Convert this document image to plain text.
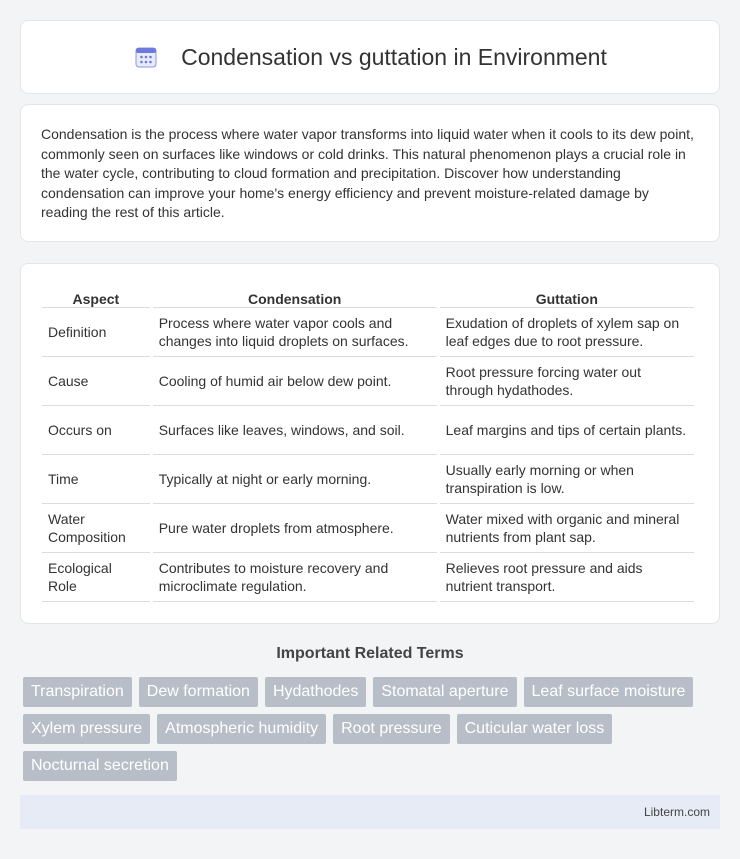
Condensation vs guttation in Environment

Condensation is the process where water vapor transforms into liquid water when it cools to its dew point, commonly seen on surfaces like windows or cold drinks. This natural phenomenon plays a crucial role in the water cycle, contributing to cloud formation and precipitation. Discover how understanding condensation can improve your home's energy efficiency and prevent moisture-related damage by reading the rest of this article.

Aspect	Condensation	Guttation
Definition	Process where water vapor cools and changes into liquid droplets on surfaces.	Exudation of droplets of xylem sap on leaf edges due to root pressure.
Cause	Cooling of humid air below dew point.	Root pressure forcing water out through hydathodes.
Occurs on	Surfaces like leaves, windows, and soil.	Leaf margins and tips of certain plants.
Time	Typically at night or early morning.	Usually early morning or when transpiration is low.
Water Composition	Pure water droplets from atmosphere.	Water mixed with organic and mineral nutrients from plant sap.
Ecological Role	Contributes to moisture recovery and microclimate regulation.	Relieves root pressure and aids nutrient transport.
Important Related Terms
Transpiration	Dew formation	Hydathodes	Stomatal aperture	Leaf surface moisture
Xylem pressure	Atmospheric humidity	Root pressure	Cuticular water loss
Nocturnal secretion
Libterm.com
